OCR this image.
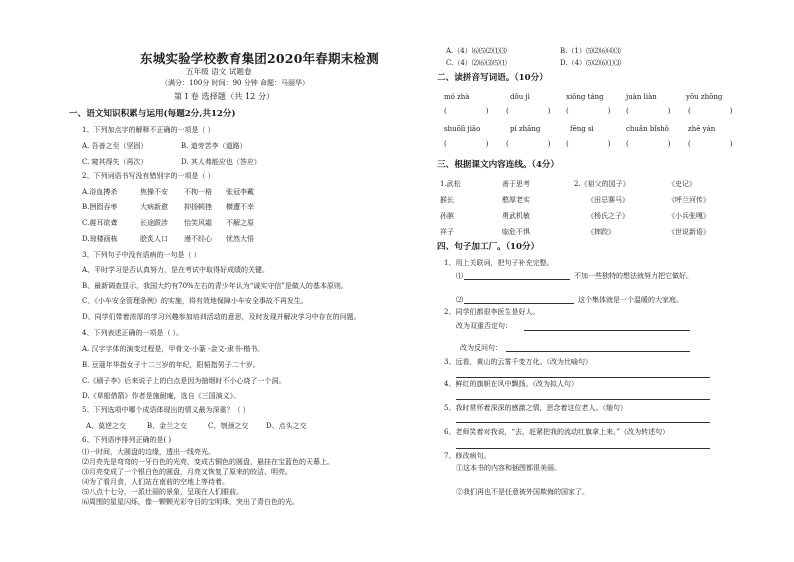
东城实验学校教育集团2020年春期末检测
五年级 语文 试题卷
（满分：100分 时间：90 分钟 命题：马丽华）
第 Ⅰ 卷 选择题（共 12 分）
一、语文知识积累与运用(每题2分,共12分)
1、下列加点字的解释不正确的一项是（ ）
A. 吾善之至（坚固）	B. 道旁苦李（道路）
C. 窥其得失（再次）	D. 其人弗能应也（答应）
2、下列词语书写没有错别字的一项是（ ）
A.浴血搏杀	焦操不安 不拘一格 张冠李戴
B.囫囵吞枣	大病新愈 抑扬顿挫 横遭不幸
C.震耳欲聋	长途跋涉 怡笑风霜 不解之原
D.琼楼画栋	脍炙人口 漫不经心 忧然大悟
3、下列句子中没有语病的一句是（ ）
A、平时学习是否认真努力，是在考试中取得好成绩的关键。
B、最新调查显示，我国大约有70%左右的青少年认为“诚实守信”是做人的基本原则。
C、《小车安全管理条例》的实施，将有效地保障小车安全事故不再发生。
D、同学们带着浓厚的学习兴趣参加培训活动的意思，及时发现并解决学习中存在的问题。
4、下列表述正确的一项是（ ）。
A. 汉字字体的演变过程是，甲骨文-小篆 -金文-隶书-楷书。
B. 豆蔻年华指女子十二三岁的年纪，阳韬指男子二十岁。
C.《刷子李》后来说子上的白点是因为抽烟时不小心烧了一个洞。
D.《草船借箭》作者是施耐庵，选自《三国演义》。
5、下列选项中哪个成语体现出的情义最为深重？（ ）
A、莫逆之交	B、金兰之交	C、刎颈之交	D、点头之交
6、下列语序排列正确的是( )
⑴一时间，大圆盘的边缘，透出一线亮光。
⑵月亮先是弯弯的一牙白色的光亮，变成古铜色的圆盘，悬挂在宝蓝色的天幕上。
⑶月亮变成了一个银白色的圆盘，月亮又恢复了原来的皎洁、明亮。
⑷为了看月食，人们站在南前的空地上等待着。
⑸八点十七分，一派壮丽的景象，呈现在人们眼前。
⑹周围的星星闪烁，像一颗颗光彩夺目的宝明珠，突出了青白色的光。
A.（4）⑹⑸⑵⑴⑶	B.（1）⑸⑵⑹⑷⑶
C.（4）⑵⑹⑶⑸⑴	D.（4）⑸⑵⑹⑴⑶
二、读拼音写词语。（10分）
mó zhà	dǒu jì	xiōng táng	juàn liàn	yōu zhōng
(	) (	) (	) (	) (	)
shuōlì jiāo	pí zhāng	fēng sì	chuǎn bǐshǒ	zhē yán
(	) (	) (	) (	) (	)
三、根据课文内容连线。（4分）
1.武松
猴长
孙膑
祥子
善于思考
憨厚老实
勇武机敏
临危不惧
2.《祖父的园子》
《田忌赛马》
《杨氏之子》
《摔跤》
《史记》
《呼兰河传》
《小兵张嘎》
《世说新语》
四、句子加工厂。（10分）
1、用上关联词，把句子补充完整。
⑴	不加一些独特的想法就努力把它做好。
⑵	这个集体就是一个温暖的大家庭。
2、同学们都很李医生是好人。
改为双重否定句：
改为反问句：
3、远看，黄山的云雾千变万化。（改为比喻句）
4、鲜红的旗帜在风中飘扬。（改为拟人句）
5、我时常怀着深深的感激之情，思念着这位老人。（缩句）
6、老师笑着对我说，“去，赶紧把我的流动红旗拿上来。”（改为转述句）
7、修改病句。
①这本书的内容和插图都很美丽。
②我们再也不是任意被外国欺侮的国家了。
